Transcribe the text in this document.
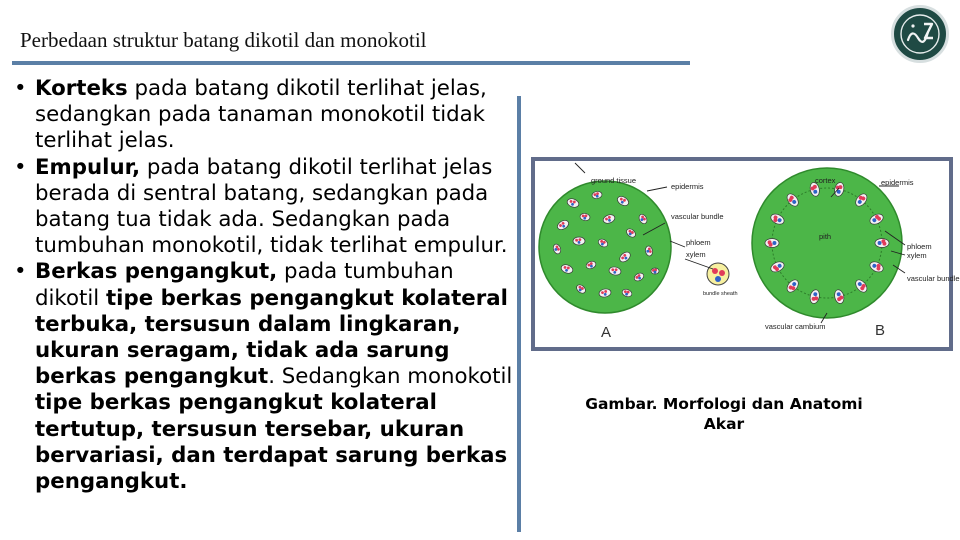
Perbedaan struktur batang dikotil dan monokotil
• Korteks pada batang dikotil terlihat jelas, sedangkan pada tanaman monokotil tidak terlihat jelas.
• Empulur, pada batang dikotil terlihat jelas berada di sentral batang, sedangkan pada batang tua tidak ada. Sedangkan pada tumbuhan monokotil, tidak terlihat empulur.
• Berkas pengangkut, pada tumbuhan dikotil tipe berkas pengangkut kolateral terbuka, tersusun dalam lingkaran, ukuran seragam, tidak ada sarung berkas pengangkut. Sedangkan monokotil tipe berkas pengangkut kolateral tertutup, tersusun tersebar, ukuran bervariasi, dan terdapat sarung berkas pengangkut.
ground tissue
epidermis
vascular bundle
phloem
xylem
bundle sheath
A
cortex	epidermis
pith
phloem
xylem
vascular bundle
vascular cambium	B
Gambar. Morfologi dan Anatomi
Akar
